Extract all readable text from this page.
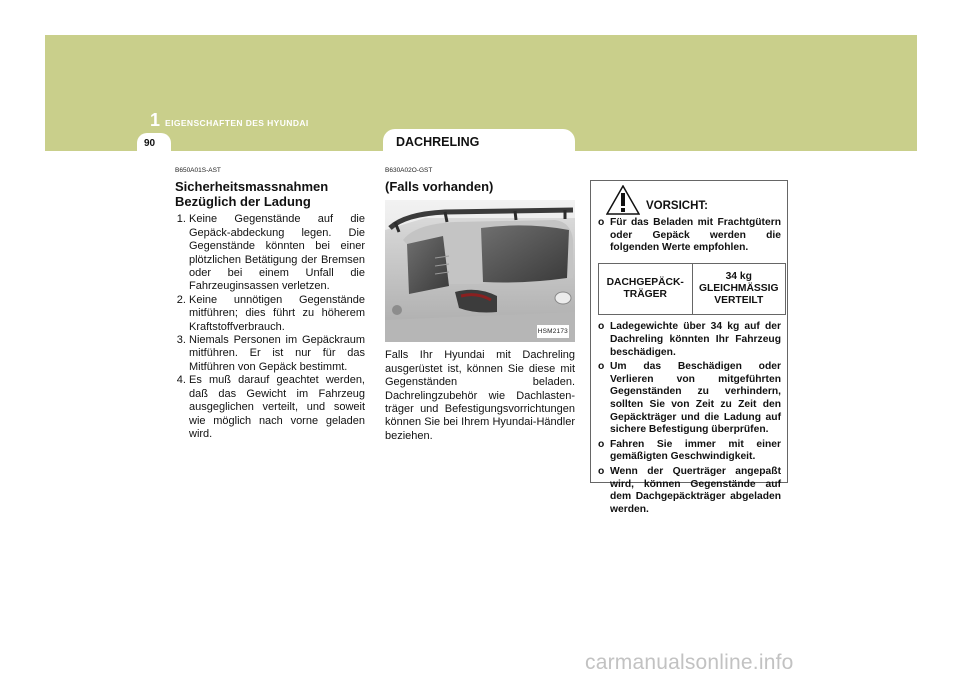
1 EIGENSCHAFTEN DES HYUNDAI
90	DACHRELING
B650A01S-AST
Sicherheitsmassnahmen Bezüglich der Ladung
1. Keine Gegenstände auf die Gepäck-abdeckung legen. Die Gegenstände könnten bei einer plötzlichen Betätigung der Bremsen oder bei einem Unfall die Fahrzeuginsassen verletzen.
2. Keine unnötigen Gegenstände mitführen; dies führt zu höherem Kraftstoffverbrauch.
3. Niemals Personen im Gepäckraum mitführen. Er ist nur für das Mitführen von Gepäck bestimmt.
4. Es muß darauf geachtet werden, daß das Gewicht im Fahrzeug ausgeglichen verteilt, und soweit wie möglich nach vorne geladen wird.
B630A02O-GST
(Falls vorhanden)
HSM2173
Falls Ihr Hyundai mit Dachreling ausgerüstet ist, können Sie diese mit Gegenständen beladen. Dachrelingzubehör wie Dachlasten-träger und Befestigungsvorrichtungen können Sie bei Ihrem Hyundai-Händler beziehen.
VORSICHT:
o Für das Beladen mit Frachtgütern oder Gepäck werden die folgenden Werte empfohlen.
DACHGEPÄCK-TRÄGER	34 kg GLEICHMÄSSIG VERTEILT
o Ladegewichte über 34 kg auf der Dachreling könnten Ihr Fahrzeug beschädigen.
o Um das Beschädigen oder Verlieren von mitgeführten Gegenständen zu verhindern, sollten Sie von Zeit zu Zeit den Gepäckträger und die Ladung auf sichere Befestigung überprüfen.
o Fahren Sie immer mit einer gemäßigten Geschwindigkeit.
o Wenn der Querträger angepaßt wird, können Gegenstände auf dem Dachgepäckträger abgeladen werden.
carmanualsonline.info
